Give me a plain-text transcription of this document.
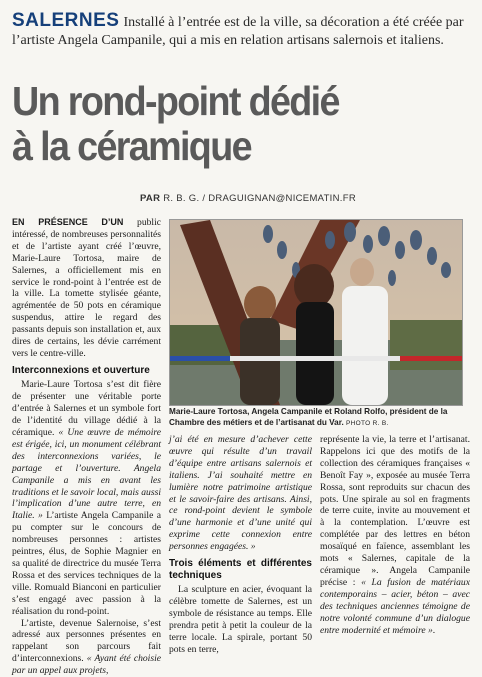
SALERNES Installé à l’entrée est de la ville, sa décoration a été créée par l’artiste Angela Campanile, qui a mis en relation artisans salernois et italiens.
Un rond-point dédié
à la céramique
PAR R. B. G. / DRAGUIGNAN@NICEMATIN.FR

EN PRÉSENCE D’UN public intéressé, de nombreuses personnalités et de l’artiste ayant créé l’œuvre, Marie-Laure Tortosa, maire de Salernes, a officiellement mis en service le rond-point à l’entrée est de la ville. La tomette stylisée géante, agrémentée de 50 pots en céramique suspendus, attire le regard des passants depuis son installation et, aux dires de certains, les dévie carrément vers le centre-ville.

Interconnexions et ouverture

Marie-Laure Tortosa s’est dit fière de présenter une véritable porte d’entrée à Salernes et un symbole fort de l’identité du village dédié à la céramique. « Une œuvre de mémoire est érigée, ici, un monument célébrant des interconnexions variées, le partage et l’ouverture. Angela Campanile a mis en avant les traditions et le savoir local, mais aussi l’implication d’une autre terre, en Italie. » L’artiste Angela Campanile a pu compter sur le concours de nombreuses personnes : artistes peintres, élus, de Sophie Magnier en sa qualité de directrice du musée Terra Rossa et des services techniques de la ville. Romuald Bianconi en particulier s’est engagé avec passion à la réalisation du rond-point.

L’artiste, devenue Salernoise, s’est adressé aux personnes présentes en rappelant son parcours fait d’interconnexions. « Ayant été choisie par un appel aux projets,

Marie-Laure Tortosa, Angela Campanile et Roland Rolfo, président de la Chambre des métiers et de l’artisanat du Var. PHOTO R. B.

j’ai été en mesure d’achever cette œuvre qui résulte d’un travail d’équipe entre artisans salernois et italiens. J’ai souhaité mettre en lumière notre patrimoine artistique et le savoir-faire des artisans. Ainsi, ce rond-point devient le symbole d’une harmonie et d’une unité qui exprime cette connexion entre personnes engagées. »

Trois éléments et différentes techniques

La sculpture en acier, évoquant la célèbre tomette de Salernes, est un symbole de résistance au temps. Elle prendra petit à petit la couleur de la terre locale. La spirale, portant 50 pots en terre,

représente la vie, la terre et l’artisanat. Rappelons ici que des motifs de la collection des céramiques françaises « Benoît Fay », exposée au musée Terra Rossa, sont reproduits sur chacun des pots. Une spirale au sol en fragments de terre cuite, invite au mouvement et à la contemplation. L’œuvre est complétée par des lettres en béton mosaïqué en faïence, assemblant les mots « Salernes, capitale de la céramique ». Angela Campanile précise : « La fusion de matériaux contemporains – acier, béton – avec des techniques anciennes témoigne de notre volonté commune d’un dialogue entre modernité et mémoire ».
